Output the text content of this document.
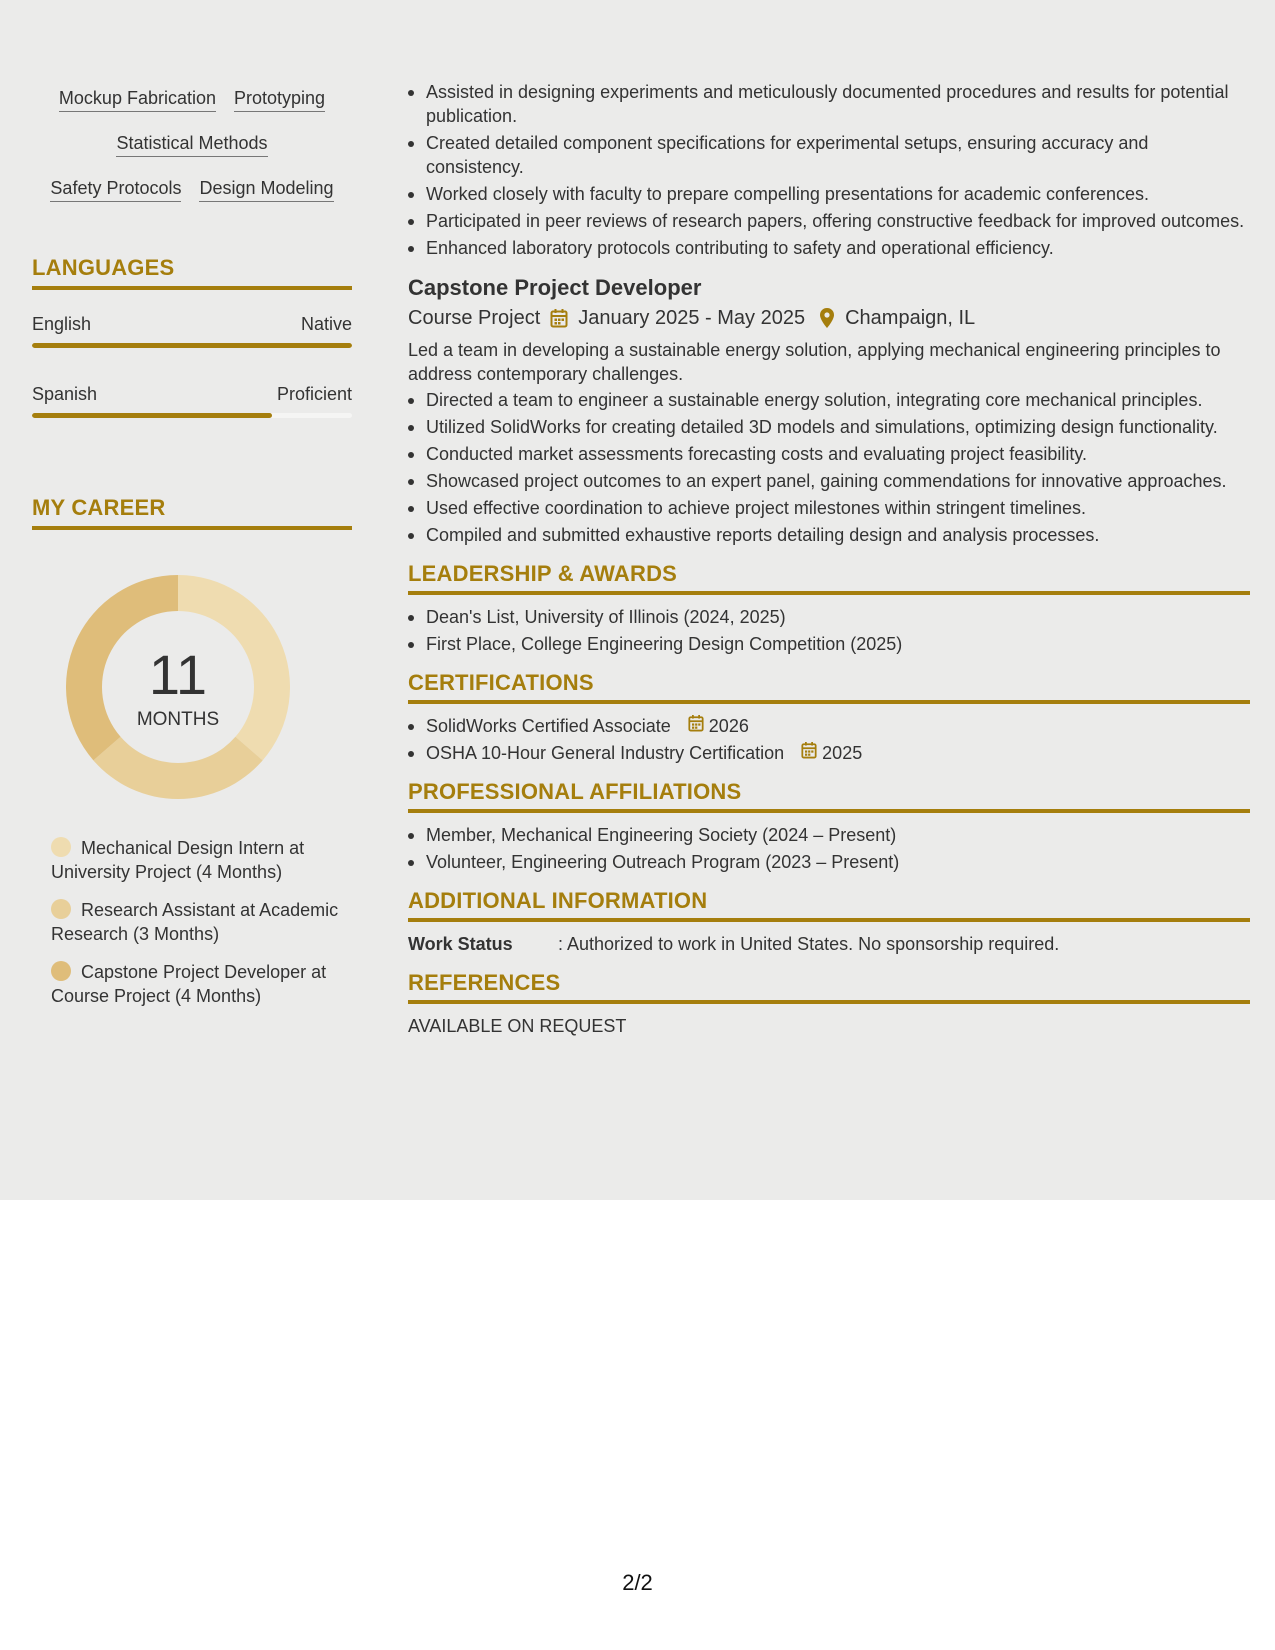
Mockup Fabrication Prototyping
Statistical Methods
Safety Protocols Design Modeling
LANGUAGES
English	Native
Spanish	Proficient
MY CAREER
11
MONTHS
Mechanical Design Intern at University Project (4 Months)
Research Assistant at Academic Research (3 Months)
Capstone Project Developer at Course Project (4 Months)
Assisted in designing experiments and meticulously documented procedures and results for potential publication.
Created detailed component specifications for experimental setups, ensuring accuracy and consistency.
Worked closely with faculty to prepare compelling presentations for academic conferences.
Participated in peer reviews of research papers, offering constructive feedback for improved outcomes.
Enhanced laboratory protocols contributing to safety and operational efficiency.
Capstone Project Developer
Course Project January 2025 - May 2025 Champaign, IL

Led a team in developing a sustainable energy solution, applying mechanical engineering principles to address contemporary challenges.

Directed a team to engineer a sustainable energy solution, integrating core mechanical principles.
Utilized SolidWorks for creating detailed 3D models and simulations, optimizing design functionality.
Conducted market assessments forecasting costs and evaluating project feasibility.
Showcased project outcomes to an expert panel, gaining commendations for innovative approaches.
Used effective coordination to achieve project milestones within stringent timelines.
Compiled and submitted exhaustive reports detailing design and analysis processes.
LEADERSHIP & AWARDS
Dean's List, University of Illinois (2024, 2025)
First Place, College Engineering Design Competition (2025)
CERTIFICATIONS
SolidWorks Certified Associate 2026
OSHA 10-Hour General Industry Certification 2025
PROFESSIONAL AFFILIATIONS
Member, Mechanical Engineering Society (2024 – Present)
Volunteer, Engineering Outreach Program (2023 – Present)
ADDITIONAL INFORMATION
Work Status	: Authorized to work in United States. No sponsorship required.
REFERENCES
AVAILABLE ON REQUEST
2/2
